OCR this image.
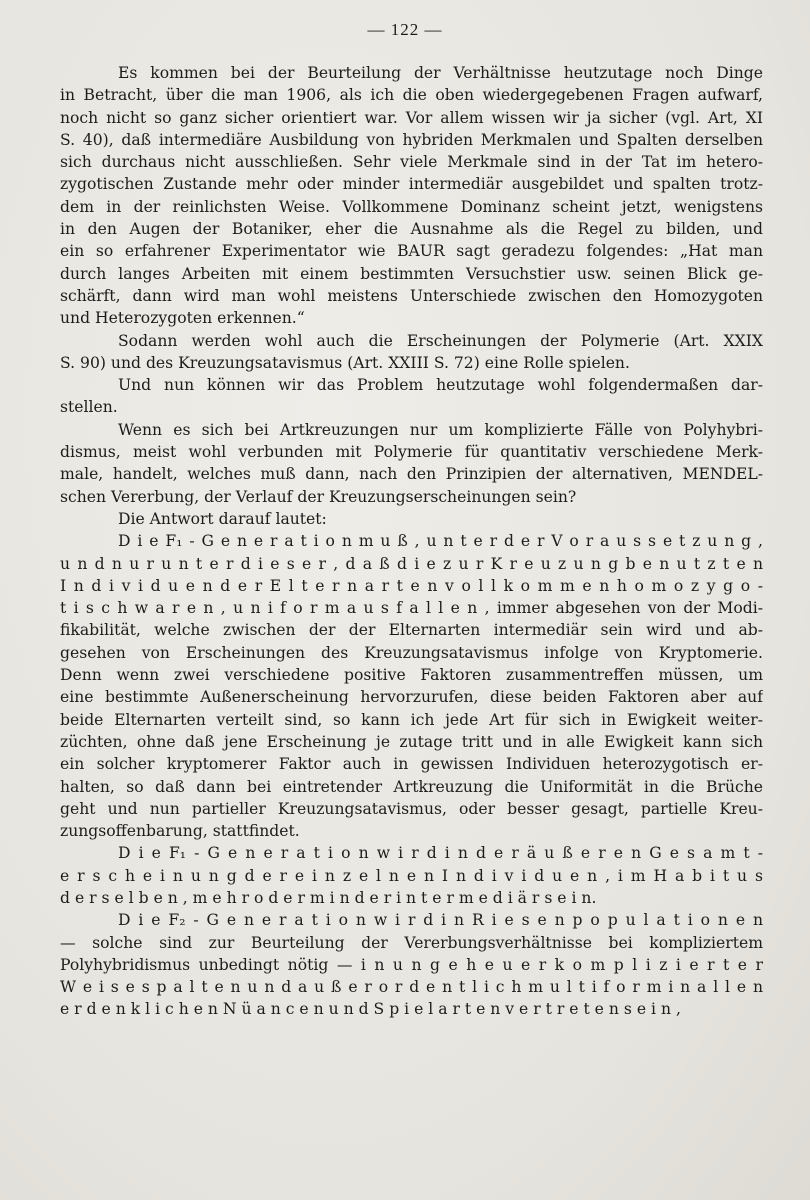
— 122 —
Es kommen bei der Beurteilung der Verhältnisse heutzutage noch Dinge
in Betracht, über die man 1906, als ich die oben wiedergegebenen Fragen aufwarf,
noch nicht so ganz sicher orientiert war. Vor allem wissen wir ja sicher (vgl. Art, XI
S. 40), daß intermediäre Ausbildung von hybriden Merkmalen und Spalten derselben
sich durchaus nicht ausschließen. Sehr viele Merkmale sind in der Tat im hetero-
zygotischen Zustande mehr oder minder intermediär ausgebildet und spalten trotz-
dem in der reinlichsten Weise. Vollkommene Dominanz scheint jetzt, wenigstens
in den Augen der Botaniker, eher die Ausnahme als die Regel zu bilden, und
ein so erfahrener Experimentator wie BAUR sagt geradezu folgendes: „Hat man
durch langes Arbeiten mit einem bestimmten Versuchstier usw. seinen Blick ge-
schärft, dann wird man wohl meistens Unterschiede zwischen den Homozygoten
und Heterozygoten erkennen.“
Sodann werden wohl auch die Erscheinungen der Polymerie (Art. XXIX
S. 90) und des Kreuzungsatavismus (Art. XXIII S. 72) eine Rolle spielen.
Und nun können wir das Problem heutzutage wohl folgendermaßen dar-
stellen.
Wenn es sich bei Artkreuzungen nur um komplizierte Fälle von Polyhybri-
dismus, meist wohl verbunden mit Polymerie für quantitativ verschiedene Merk-
male, handelt, welches muß dann, nach den Prinzipien der alternativen, MENDEL-
schen Vererbung, der Verlauf der Kreuzungserscheinungen sein?
Die Antwort darauf lautet:
D i e F₁ - G e n e r a t i o n m u ß , u n t e r d e r V o r a u s s e t z u n g ,
u n d n u r u n t e r d i e s e r , d a ß d i e z u r K r e u z u n g b e n u t z t e n
I n d i v i d u e n d e r E l t e r n a r t e n v o l l k o m m e n h o m o z y g o -
t i s c h w a r e n , u n i f o r m a u s f a l l e n , immer abgesehen von der Modi-
fikabilität, welche zwischen der der Elternarten intermediär sein wird und ab-
gesehen von Erscheinungen des Kreuzungsatavismus infolge von Kryptomerie.
Denn wenn zwei verschiedene positive Faktoren zusammentreffen müssen, um
eine bestimmte Außenerscheinung hervorzurufen, diese beiden Faktoren aber auf
beide Elternarten verteilt sind, so kann ich jede Art für sich in Ewigkeit weiter-
züchten, ohne daß jene Erscheinung je zutage tritt und in alle Ewigkeit kann sich
ein solcher kryptomerer Faktor auch in gewissen Individuen heterozygotisch er-
halten, so daß dann bei eintretender Artkreuzung die Uniformität in die Brüche
geht und nun partieller Kreuzungsatavismus, oder besser gesagt, partielle Kreu-
zungsoffenbarung, stattfindet.
D i e F₁ - G e n e r a t i o n w i r d i n d e r ä u ß e r e n G e s a m t -
e r s c h e i n u n g d e r e i n z e l n e n I n d i v i d u e n , i m H a b i t u s
d e r s e l b e n , m e h r o d e r m i n d e r i n t e r m e d i ä r s e i n.
D i e F₂ - G e n e r a t i o n w i r d i n R i e s e n p o p u l a t i o n e n
— solche sind zur Beurteilung der Vererbungsverhältnisse bei kompliziertem
Polyhybridismus unbedingt nötig — i n u n g e h e u e r k o m p l i z i e r t e r
W e i s e s p a l t e n u n d a u ß e r o r d e n t l i c h m u l t i f o r m i n a l l e n
e r d e n k l i c h e n N ü a n c e n u n d S p i e l a r t e n v e r t r e t e n s e i n ,
